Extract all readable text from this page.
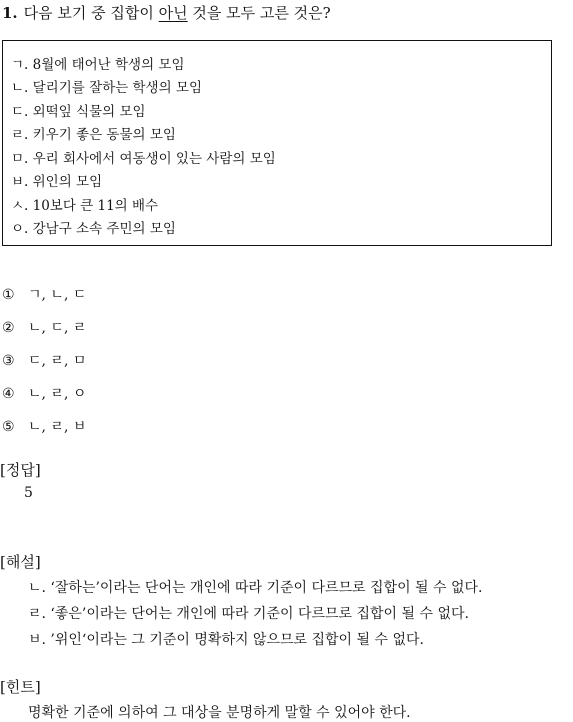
1. 다음 보기 중 집합이 아닌 것을 모두 고른 것은?
ㄱ. 8월에 태어난 학생의 모임
ㄴ. 달리기를 잘하는 학생의 모임
ㄷ. 외떡잎 식물의 모임
ㄹ. 키우기 좋은 동물의 모임
ㅁ. 우리 회사에서 여동생이 있는 사람의 모임
ㅂ. 위인의 모임
ㅅ. 10보다 큰 11의 배수
ㅇ. 강남구 소속 주민의 모임
① ㄱ, ㄴ, ㄷ
② ㄴ, ㄷ, ㄹ
③ ㄷ, ㄹ, ㅁ
④ ㄴ, ㄹ, ㅇ
⑤ ㄴ, ㄹ, ㅂ
[정답]
5
[해설]
ㄴ. ‘잘하는’이라는 단어는 개인에 따라 기준이 다르므로 집합이 될 수 없다.
ㄹ. ‘좋은’이라는 단어는 개인에 따라 기준이 다르므로 집합이 될 수 없다.
ㅂ. ’위인‘이라는 그 기준이 명확하지 않으므로 집합이 될 수 없다.
[힌트]
명확한 기준에 의하여 그 대상을 분명하게 말할 수 있어야 한다.
